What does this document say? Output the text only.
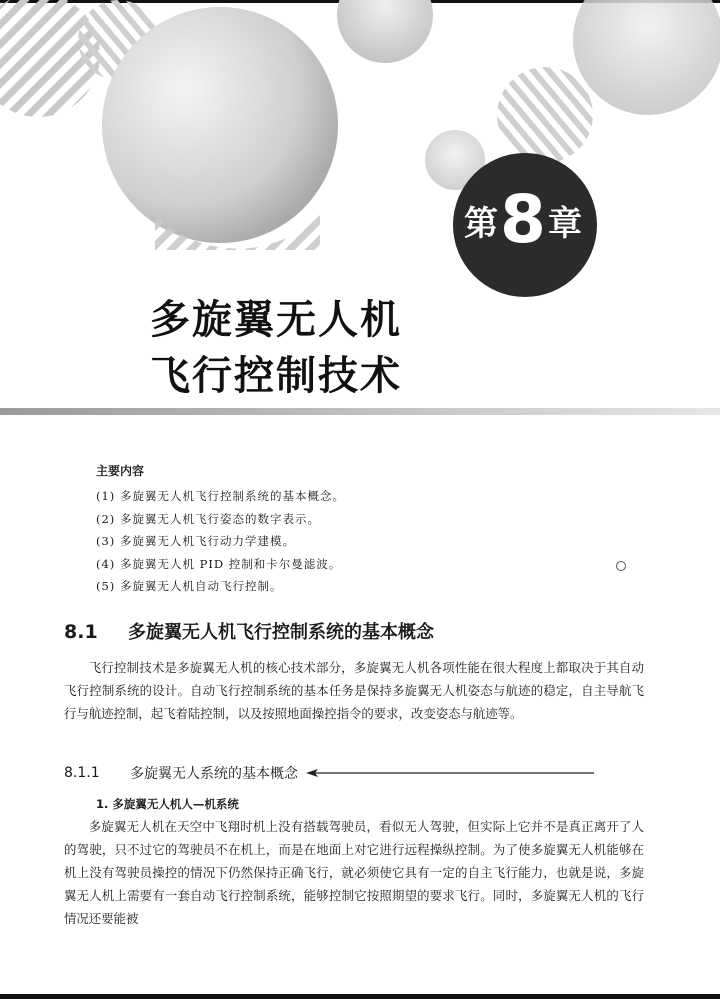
第 8 章
多旋翼无人机
飞行控制技术
主要内容
(1) 多旋翼无人机飞行控制系统的基本概念。
(2) 多旋翼无人机飞行姿态的数字表示。
(3) 多旋翼无人机飞行动力学建模。
(4) 多旋翼无人机 PID 控制和卡尔曼滤波。
(5) 多旋翼无人机自动飞行控制。
8.1 多旋翼无人机飞行控制系统的基本概念

飞行控制技术是多旋翼无人机的核心技术部分，多旋翼无人机各项性能在很大程度上都取决于其自动飞行控制系统的设计。自动飞行控制系统的基本任务是保持多旋翼无人机姿态与航迹的稳定，自主导航飞行与航迹控制，起飞着陆控制，以及按照地面操控指令的要求，改变姿态与航迹等。

8.1.1	多旋翼无人系统的基本概念
1. 多旋翼无人机人—机系统

多旋翼无人机在天空中飞翔时机上没有搭载驾驶员，看似无人驾驶，但实际上它并不是真正离开了人的驾驶，只不过它的驾驶员不在机上，而是在地面上对它进行远程操纵控制。为了使多旋翼无人机能够在机上没有驾驶员操控的情况下仍然保持正确飞行，就必须使它具有一定的自主飞行能力，也就是说，多旋翼无人机上需要有一套自动飞行控制系统，能够控制它按照期望的要求飞行。同时，多旋翼无人机的飞行情况还要能被
